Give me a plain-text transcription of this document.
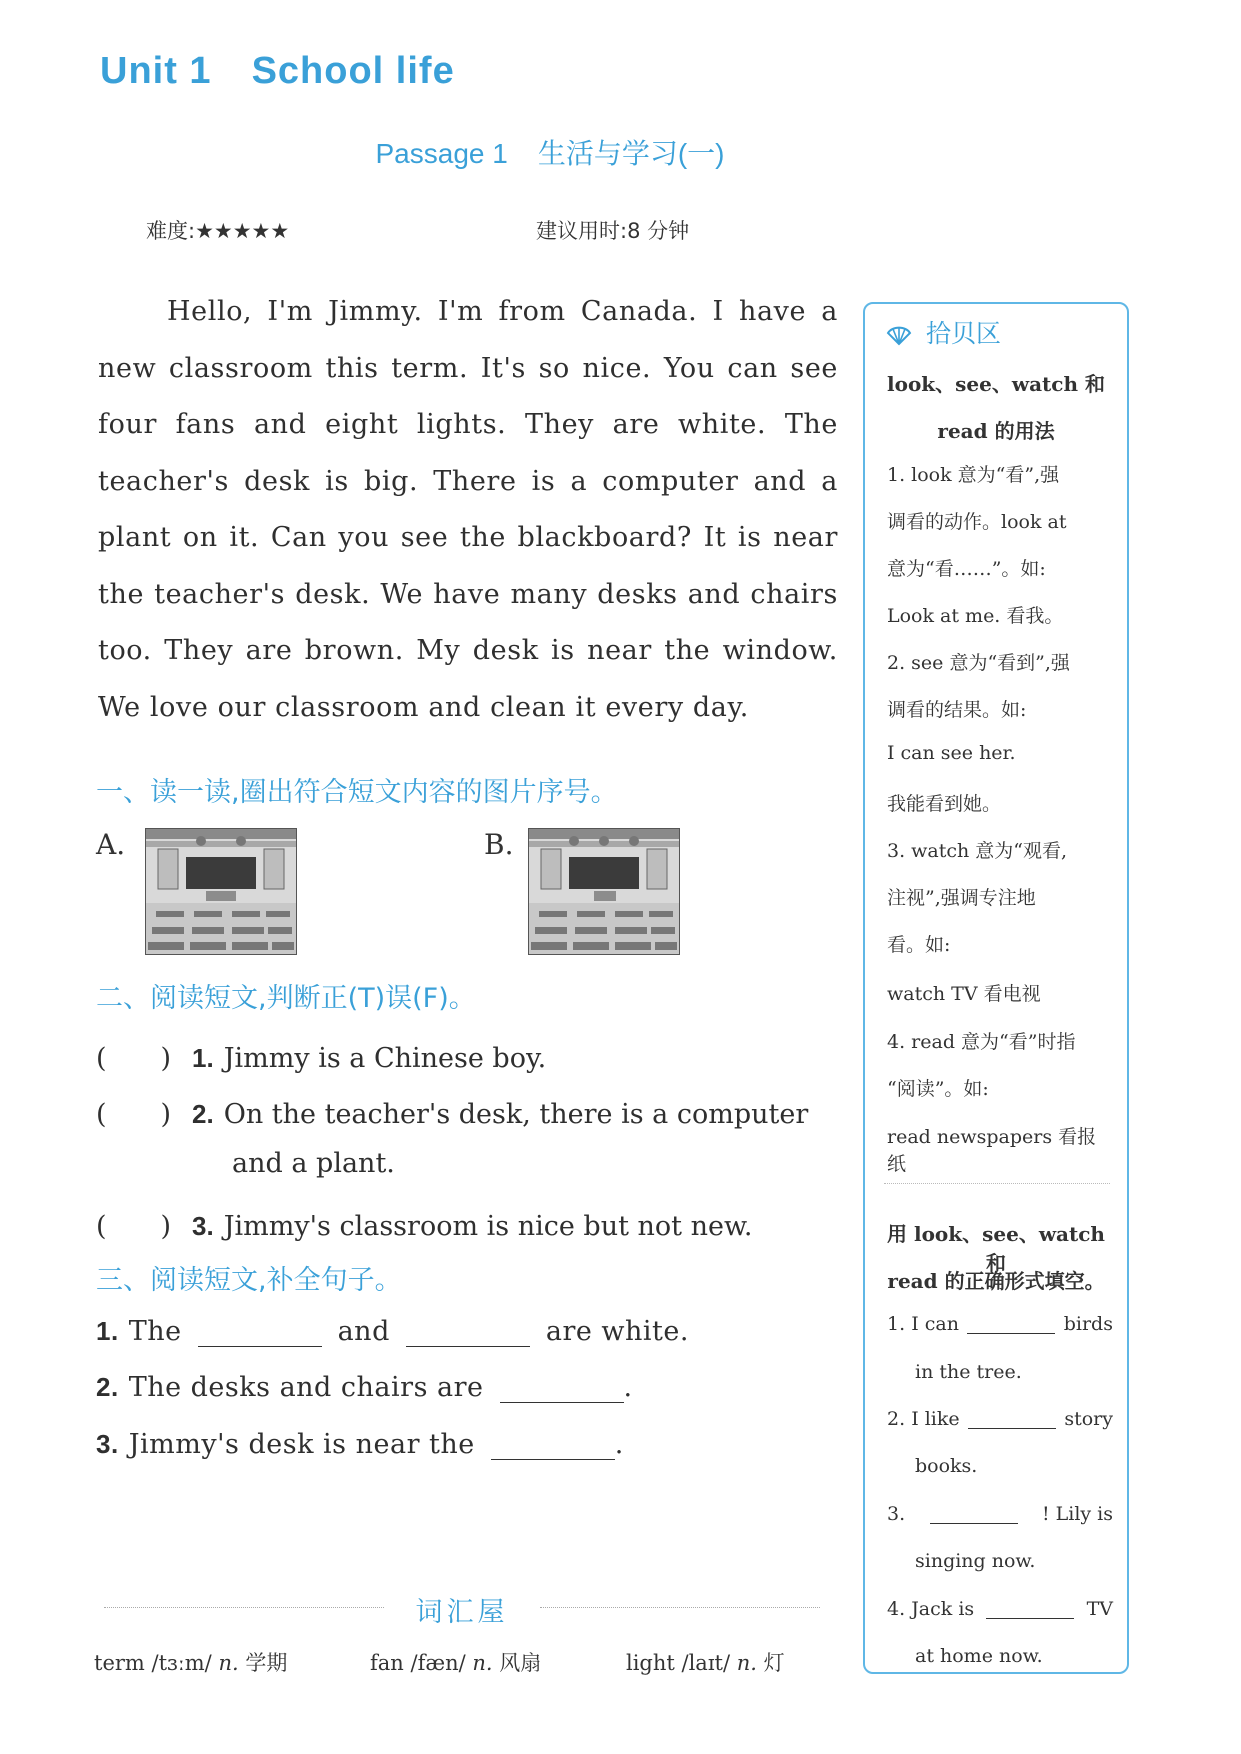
Unit 1 School life
Passage 1 生活与学习(一)
难度:★★★★★	建议用时:8 分钟
Hello, I'm Jimmy. I'm from Canada. I have a new classroom this term. It's so nice. You can see four fans and eight lights. They are white. The teacher's desk is big. There is a computer and a plant on it. Can you see the blackboard? It is near the teacher's desk. We have many desks and chairs too. They are brown. My desk is near the window. We love our classroom and clean it every day.
一、读一读,圈出符合短文内容的图片序号。
A.	B.
二、阅读短文,判断正(T)误(F)。
(　　) 1. Jimmy is a Chinese boy.
(　　) 2. On the teacher's desk, there is a computer
and a plant.
(　　) 3. Jimmy's classroom is nice but not new.
三、阅读短文,补全句子。
1. The	and	are white.
2. The desks and chairs are	.
3. Jimmy's desk is near the	.
词汇屋
term /tɜːm/ n. 学期	fan /fæn/ n. 风扇	light /laɪt/ n. 灯
拾贝区
look、see、watch 和
read 的用法
1. look 意为“看”,强
调看的动作。look at
意为“看……”。如:
Look at me. 看我。
2. see 意为“看到”,强
调看的结果。如:
I can see her.
我能看到她。
3. watch 意为“观看,
注视”,强调专注地
看。如:
watch TV 看电视
4. read 意为“看”时指
“阅读”。如:
read newspapers 看报纸
用 look、see、watch 和
read 的正确形式填空。
1. I can	birds
in the tree.
2. I like	story
books.
3.	! Lily is
singing now.
4. Jack is	TV
at home now.
